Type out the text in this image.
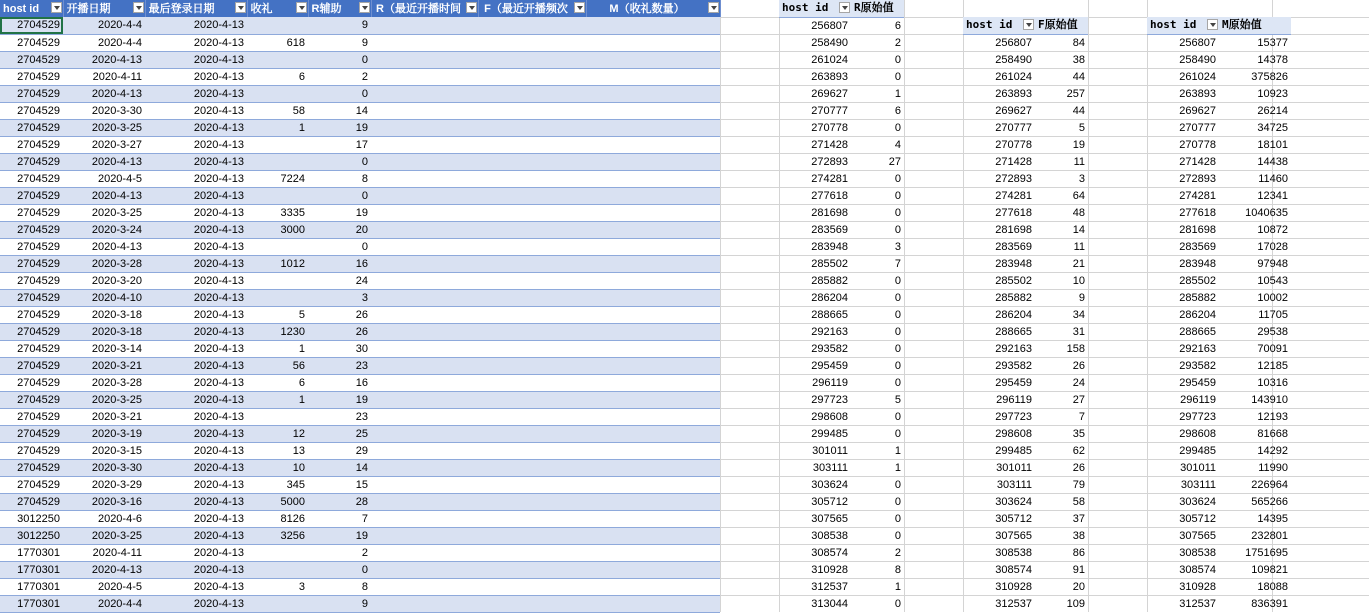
host id	开播日期	最后登录日期	收礼	R辅助	R（最近开播时间	F（最近开播频次	M（收礼数量）

2704529	2020-4-4	2020-4-13		9			
2704529	2020-4-4	2020-4-13	618	9			
2704529	2020-4-13	2020-4-13		0			
2704529	2020-4-11	2020-4-13	6	2			
2704529	2020-4-13	2020-4-13		0			
2704529	2020-3-30	2020-4-13	58	14			
2704529	2020-3-25	2020-4-13	1	19			
2704529	2020-3-27	2020-4-13		17			
2704529	2020-4-13	2020-4-13		0			
2704529	2020-4-5	2020-4-13	7224	8			
2704529	2020-4-13	2020-4-13		0			
2704529	2020-3-25	2020-4-13	3335	19			
2704529	2020-3-24	2020-4-13	3000	20			
2704529	2020-4-13	2020-4-13		0			
2704529	2020-3-28	2020-4-13	1012	16			
2704529	2020-3-20	2020-4-13		24			
2704529	2020-4-10	2020-4-13		3			
2704529	2020-3-18	2020-4-13	5	26			
2704529	2020-3-18	2020-4-13	1230	26			
2704529	2020-3-14	2020-4-13	1	30			
2704529	2020-3-21	2020-4-13	56	23			
2704529	2020-3-28	2020-4-13	6	16			
2704529	2020-3-25	2020-4-13	1	19			
2704529	2020-3-21	2020-4-13		23			
2704529	2020-3-19	2020-4-13	12	25			
2704529	2020-3-15	2020-4-13	13	29			
2704529	2020-3-30	2020-4-13	10	14			
2704529	2020-3-29	2020-4-13	345	15			
2704529	2020-3-16	2020-4-13	5000	28			
3012250	2020-4-6	2020-4-13	8126	7			
3012250	2020-3-25	2020-4-13	3256	19			
1770301	2020-4-11	2020-4-13		2			
1770301	2020-4-13	2020-4-13		0			
1770301	2020-4-5	2020-4-13	3	8			
1770301	2020-4-4	2020-4-13		9			
host id	R原始值
256807	6
258490	2
261024	0
263893	0
269627	1
270777	6
270778	0
271428	4
272893	27
274281	0
277618	0
281698	0
283569	0
283948	3
285502	7
285882	0
286204	0
288665	0
292163	0
293582	0
295459	0
296119	0
297723	5
298608	0
299485	0
301011	1
303111	1
303624	0
305712	0
307565	0
308538	0
308574	2
310928	8
312537	1
313044	0
host id	F原始值
256807	84
258490	38
261024	44
263893	257
269627	44
270777	5
270778	19
271428	11
272893	3
274281	64
277618	48
281698	14
283569	11
283948	21
285502	10
285882	9
286204	34
288665	31
292163	158
293582	26
295459	24
296119	27
297723	7
298608	35
299485	62
301011	26
303111	79
303624	58
305712	37
307565	38
308538	86
308574	91
310928	20
312537	109
host id	M原始值
256807	15377
258490	14378
261024	375826
263893	10923
269627	26214
270777	34725
270778	18101
271428	14438
272893	11460
274281	12341
277618	1040635
281698	10872
283569	17028
283948	97948
285502	10543
285882	10002
286204	11705
288665	29538
292163	70091
293582	12185
295459	10316
296119	143910
297723	12193
298608	81668
299485	14292
301011	11990
303111	226964
303624	565266
305712	14395
307565	232801
308538	1751695
308574	109821
310928	18088
312537	836391
